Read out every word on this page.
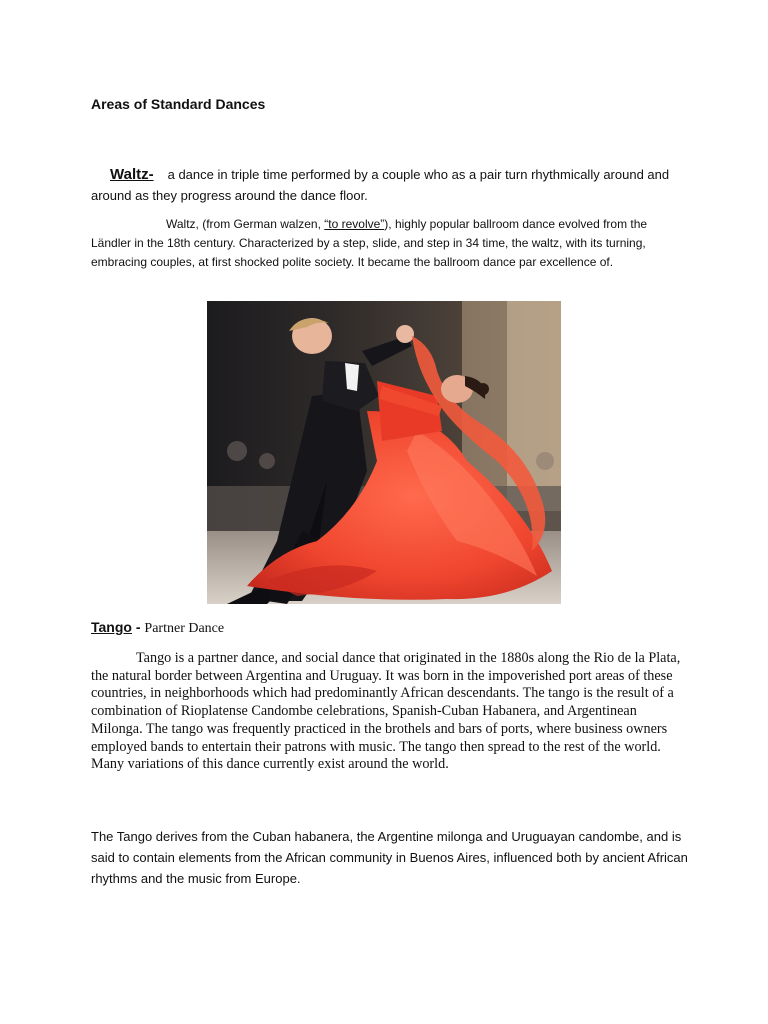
Areas of Standard Dances

Waltz- a dance in triple time performed by a couple who as a pair turn rhythmically around and around as they progress around the dance floor.

Waltz, (from German walzen, “to revolve”), highly popular ballroom dance evolved from the Ländler in the 18th century. Characterized by a step, slide, and step in 34 time, the waltz, with its turning, embracing couples, at first shocked polite society. It became the ballroom dance par excellence of.

Tango - Partner Dance

Tango is a partner dance, and social dance that originated in the 1880s along the Rio de la Plata, the natural border between Argentina and Uruguay. It was born in the impoverished port areas of these countries, in neighborhoods which had predominantly African descendants. The tango is the result of a combination of Rioplatense Candombe celebrations, Spanish-Cuban Habanera, and Argentinean Milonga. The tango was frequently practiced in the brothels and bars of ports, where business owners employed bands to entertain their patrons with music. The tango then spread to the rest of the world. Many variations of this dance currently exist around the world.

The Tango derives from the Cuban habanera, the Argentine milonga and Uruguayan candombe, and is said to contain elements from the African community in Buenos Aires, influenced both by ancient African rhythms and the music from Europe.
